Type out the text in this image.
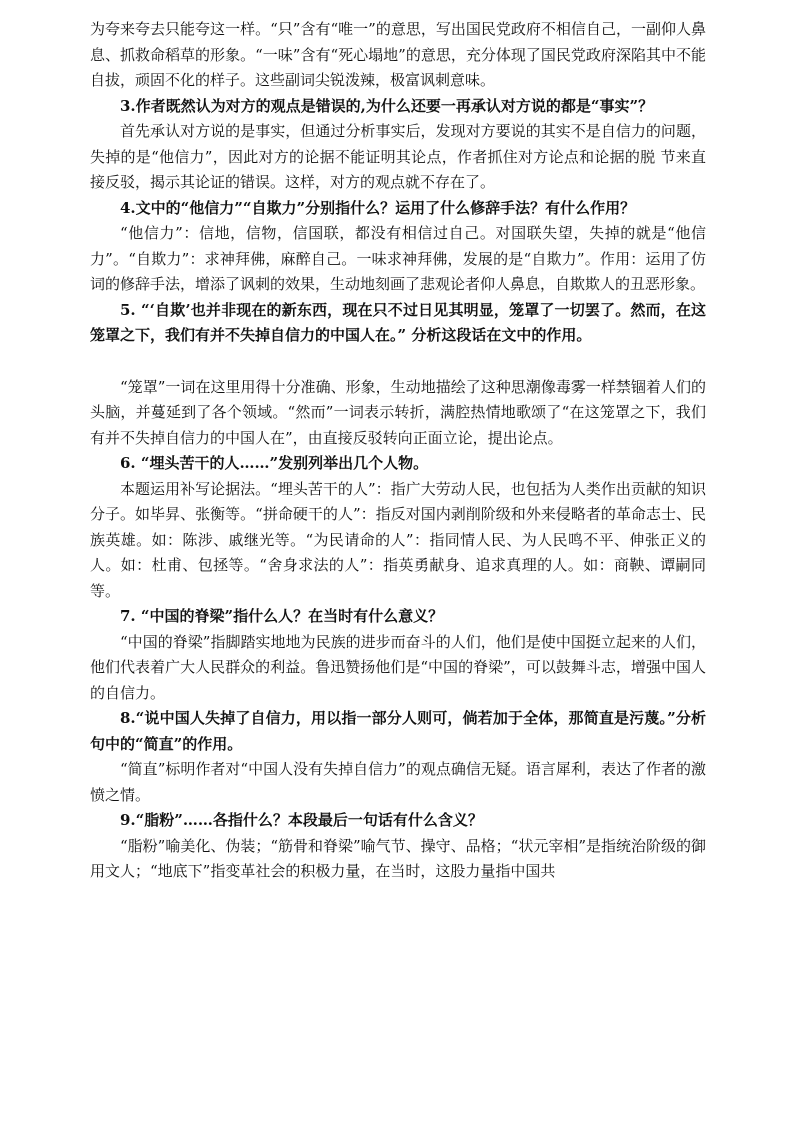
为夸来夸去只能夸这一样。“只”含有“唯一”的意思，写出国民党政府不相信自己，一副仰人鼻息、抓救命稻草的形象。“一味”含有“死心塌地”的意思，充分体现了国民党政府深陷其中不能自拔，顽固不化的样子。这些副词尖锐泼辣，极富讽刺意味。

3.作者既然认为对方的观点是错误的,为什么还要一再承认对方说的都是“事实”？

首先承认对方说的是事实，但通过分析事实后，发现对方要说的其实不是自信力的问题，失掉的是“他信力”，因此对方的论据不能证明其论点，作者抓住对方论点和论据的脱 节来直接反驳，揭示其论证的错误。这样，对方的观点就不存在了。

4.文中的“他信力”“自欺力”分别指什么？运用了什么修辞手法？有什么作用？

“他信力”：信地，信物，信国联，都没有相信过自己。对国联失望，失掉的就是“他信力”。“自欺力”：求神拜佛，麻醉自己。一味求神拜佛，发展的是“自欺力”。作用：运用了仿词的修辞手法，增添了讽刺的效果，生动地刻画了悲观论者仰人鼻息，自欺欺人的丑恶形象。

5. “‘自欺’也并非现在的新东西，现在只不过日见其明显，笼罩了一切罢了。然而，在这笼罩之下，我们有并不失掉自信力的中国人在。” 分析这段话在文中的作用。

“笼罩”一词在这里用得十分准确、形象，生动地描绘了这种思潮像毒雾一样禁锢着人们的头脑，并蔓延到了各个领域。“然而”一词表示转折，满腔热情地歌颂了“在这笼罩之下，我们有并不失掉自信力的中国人在”，由直接反驳转向正面立论，提出论点。

6. “埋头苦干的人……”发别列举出几个人物。

本题运用补写论据法。“埋头苦干的人”：指广大劳动人民，也包括为人类作出贡献的知识分子。如毕昇、张衡等。“拼命硬干的人”：指反对国内剥削阶级和外来侵略者的革命志士、民族英雄。如：陈涉、戚继光等。“为民请命的人”：指同情人民、为人民鸣不平、伸张正义的人。如：杜甫、包拯等。“舍身求法的人”：指英勇献身、追求真理的人。如：商鞅、谭嗣同等。

7. “中国的脊梁”指什么人？在当时有什么意义？

“中国的脊梁”指脚踏实地地为民族的进步而奋斗的人们，他们是使中国挺立起来的人们，他们代表着广大人民群众的利益。鲁迅赞扬他们是“中国的脊梁”，可以鼓舞斗志，增强中国人的自信力。

8.“说中国人失掉了自信力，用以指一部分人则可，倘若加于全体，那简直是污蔑。”分析句中的“简直”的作用。

“简直”标明作者对“中国人没有失掉自信力”的观点确信无疑。语言犀利，表达了作者的激愤之情。

9.“脂粉”……各指什么？本段最后一句话有什么含义？

“脂粉”喻美化、伪装；“筋骨和脊梁”喻气节、操守、品格；“状元宰相”是指统治阶级的御用文人；“地底下”指变革社会的积极力量，在当时，这股力量指中国共
